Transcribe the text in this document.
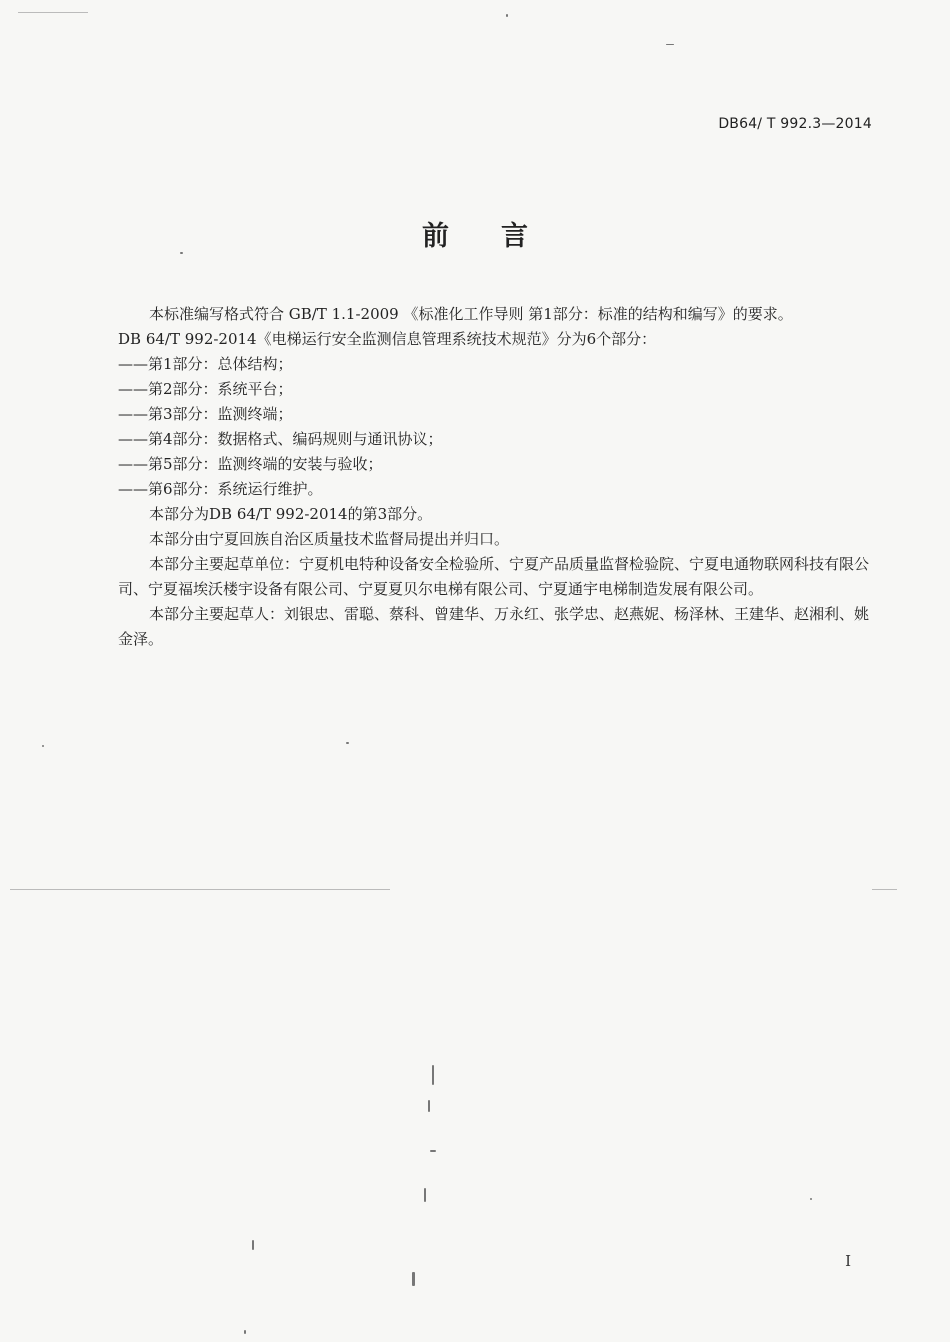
DB64/ T 992.3—2014
前言

本标准编写格式符合 GB/T 1.1-2009 《标准化工作导则 第1部分：标准的结构和编写》的要求。

DB 64/T 992-2014《电梯运行安全监测信息管理系统技术规范》分为6个部分：

——第1部分：总体结构；

——第2部分：系统平台；

——第3部分：监测终端；

——第4部分：数据格式、编码规则与通讯协议；

——第5部分：监测终端的安装与验收；

——第6部分：系统运行维护。

本部分为DB 64/T 992-2014的第3部分。

本部分由宁夏回族自治区质量技术监督局提出并归口。

本部分主要起草单位：宁夏机电特种设备安全检验所、宁夏产品质量监督检验院、宁夏电通物联网科技有限公司、宁夏福埃沃楼宇设备有限公司、宁夏夏贝尔电梯有限公司、宁夏通宇电梯制造发展有限公司。

本部分主要起草人：刘银忠、雷聪、蔡科、曾建华、万永红、张学忠、赵燕妮、杨泽林、王建华、赵湘利、姚金泽。

I
